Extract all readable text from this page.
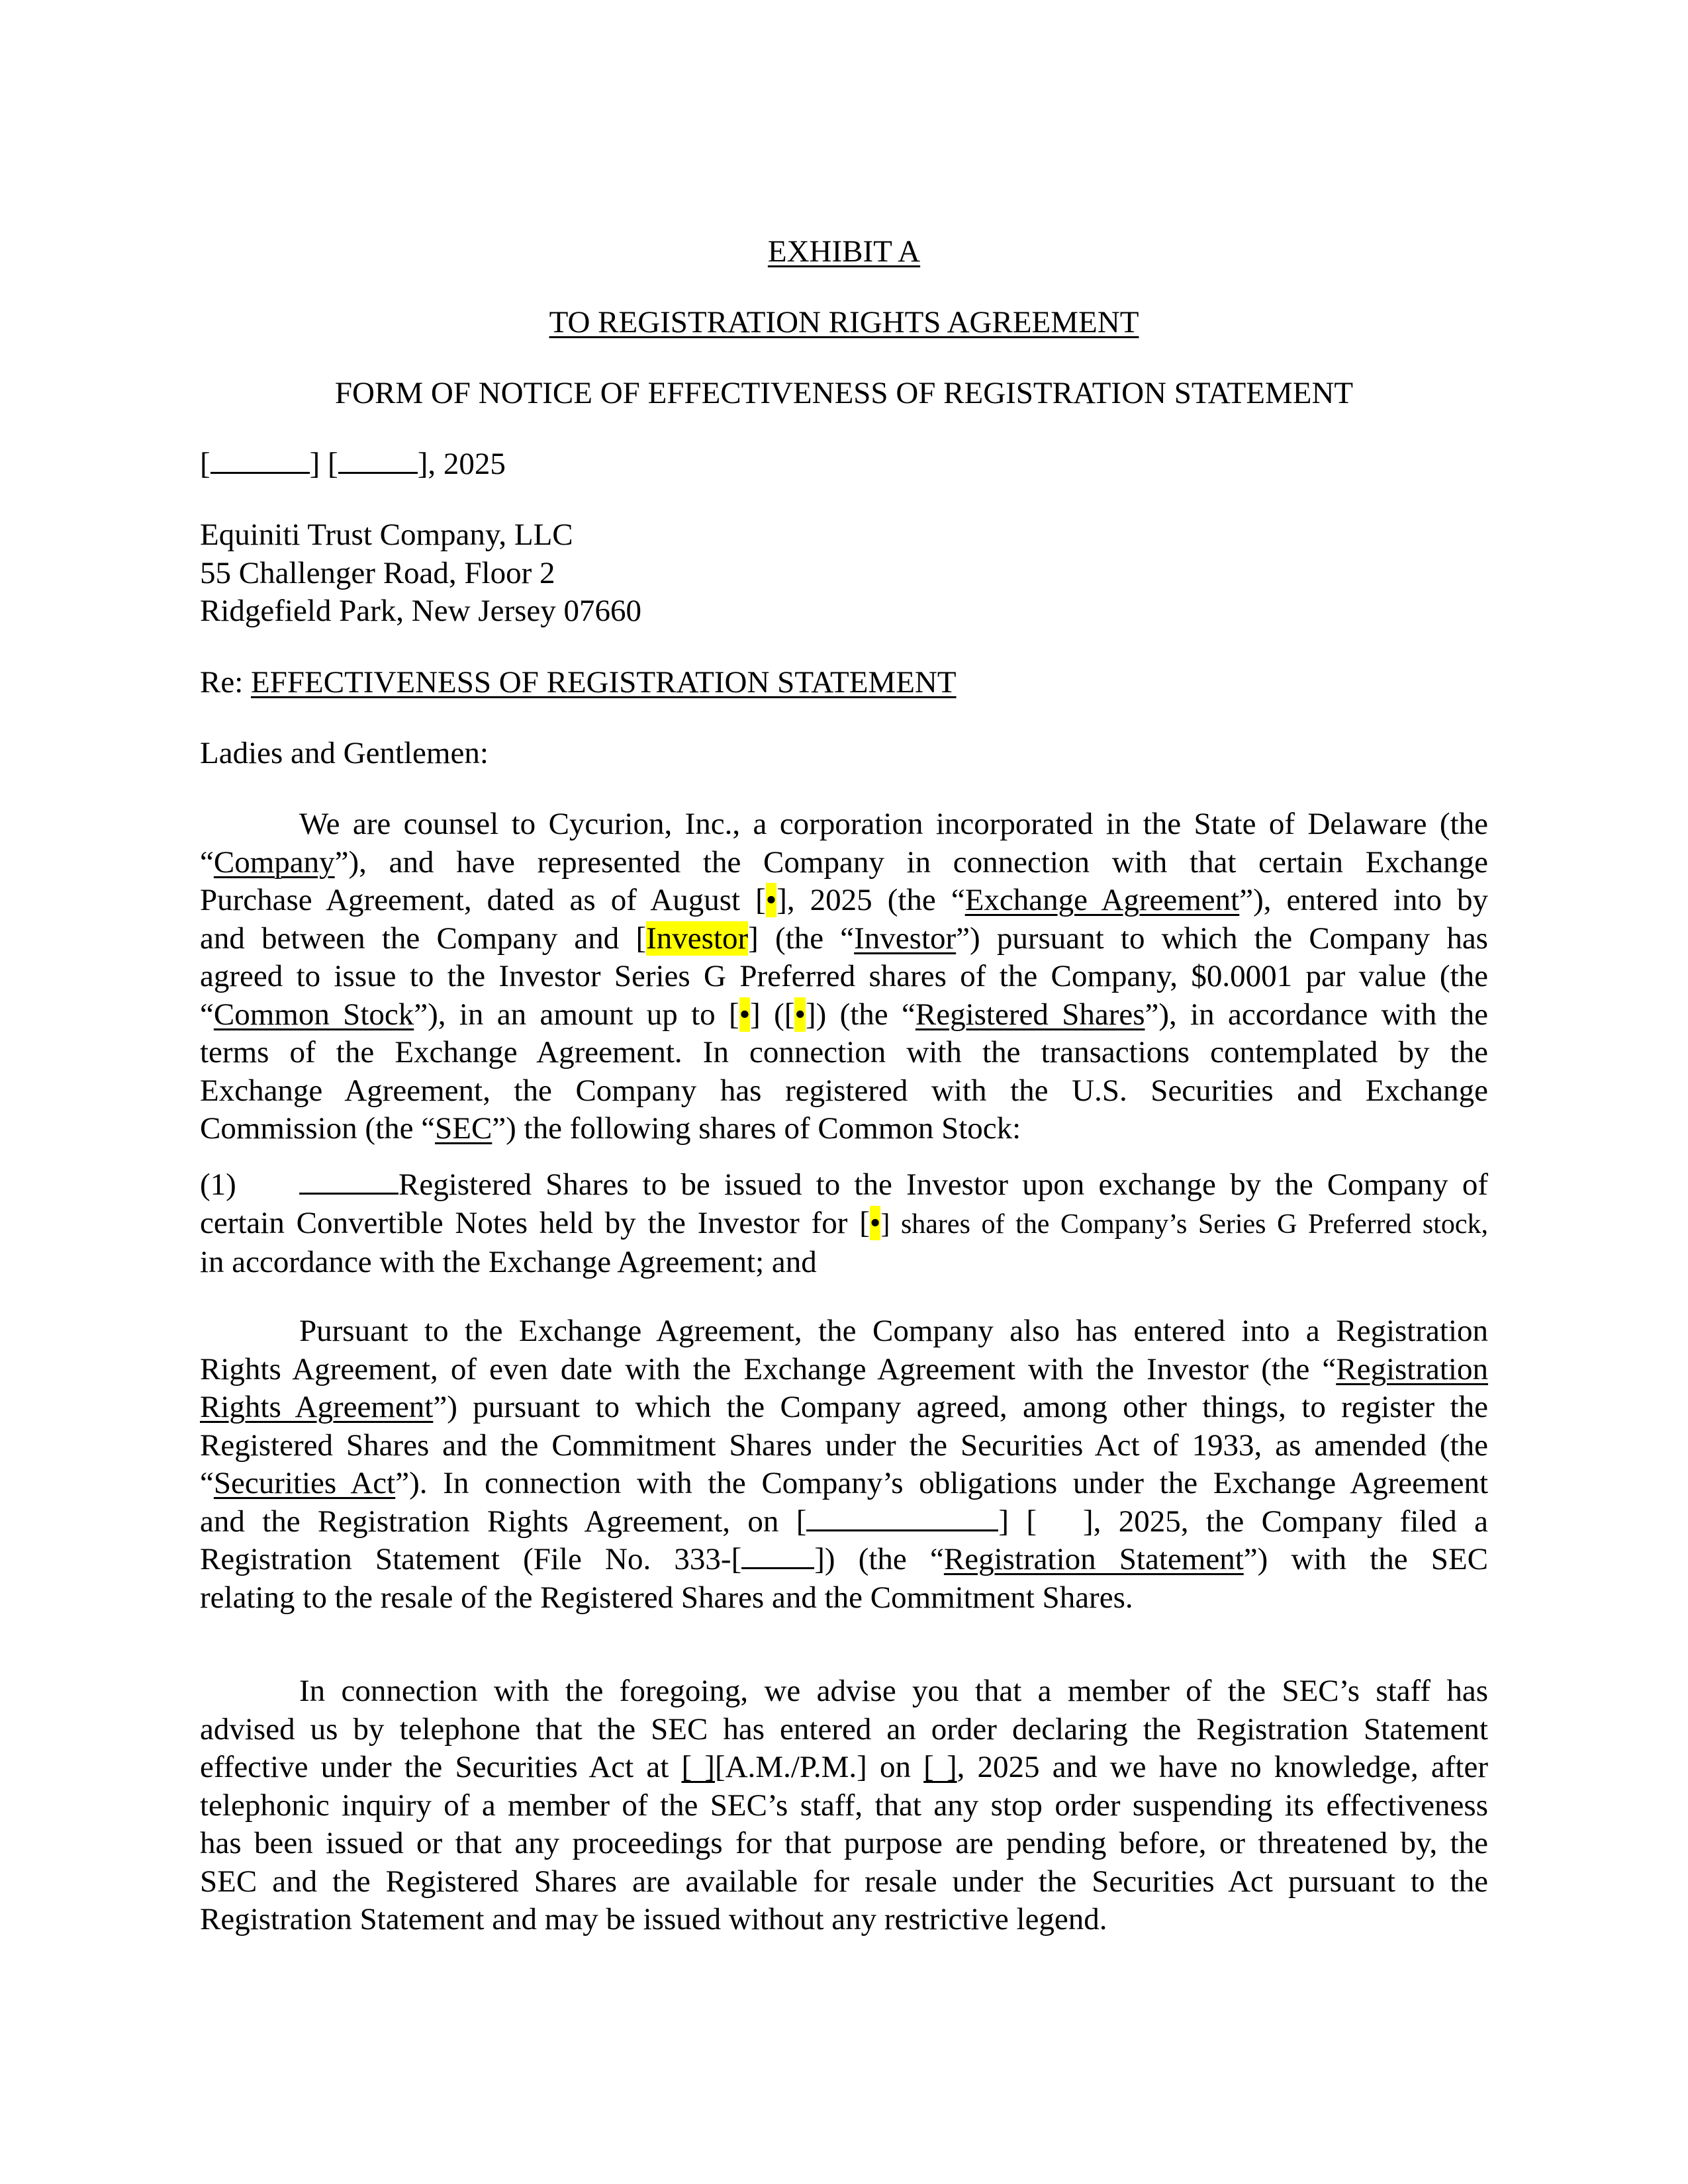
EXHIBIT A
TO REGISTRATION RIGHTS AGREEMENT
FORM OF NOTICE OF EFFECTIVENESS OF REGISTRATION STATEMENT
[	] [	], 2025
Equiniti Trust Company, LLC
55 Challenger Road, Floor 2
Ridgefield Park, New Jersey 07660
Re: EFFECTIVENESS OF REGISTRATION STATEMENT
Ladies and Gentlemen:
We are counsel to Cycurion, Inc., a corporation incorporated in the State of Delaware (the
“Company”), and have represented the Company in connection with that certain Exchange
Purchase Agreement, dated as of August [•], 2025 (the “Exchange Agreement”), entered into by
and between the Company and [Investor] (the “Investor”) pursuant to which the Company has
agreed to issue to the Investor Series G Preferred shares of the Company, $0.0001 par value (the
“Common Stock”), in an amount up to [•] ([•]) (the “Registered Shares”), in accordance with the
terms of the Exchange Agreement. In connection with the transactions contemplated by the
Exchange Agreement, the Company has registered with the U.S. Securities and Exchange
Commission (the “SEC”) the following shares of Common Stock:
(1)	Registered Shares to be issued to the Investor upon exchange by the Company of
certain Convertible Notes held by the Investor for [•] shares of the Company’s Series G Preferred stock,
in accordance with the Exchange Agreement; and
Pursuant to the Exchange Agreement, the Company also has entered into a Registration
Rights Agreement, of even date with the Exchange Agreement with the Investor (the “Registration
Rights Agreement”) pursuant to which the Company agreed, among other things, to register the
Registered Shares and the Commitment Shares under the Securities Act of 1933, as amended (the
“Securities Act”). In connection with the Company’s obligations under the Exchange Agreement
and the Registration Rights Agreement, on [	] [ ], 2025, the Company filed a
Registration Statement (File No. 333-[ ]) (the “Registration Statement”) with the SEC
relating to the resale of the Registered Shares and the Commitment Shares.
In connection with the foregoing, we advise you that a member of the SEC’s staff has
advised us by telephone that the SEC has entered an order declaring the Registration Statement
effective under the Securities Act at [ ][A.M./P.M.] on [ ], 2025 and we have no knowledge, after
telephonic inquiry of a member of the SEC’s staff, that any stop order suspending its effectiveness
has been issued or that any proceedings for that purpose are pending before, or threatened by, the
SEC and the Registered Shares are available for resale under the Securities Act pursuant to the
Registration Statement and may be issued without any restrictive legend.
